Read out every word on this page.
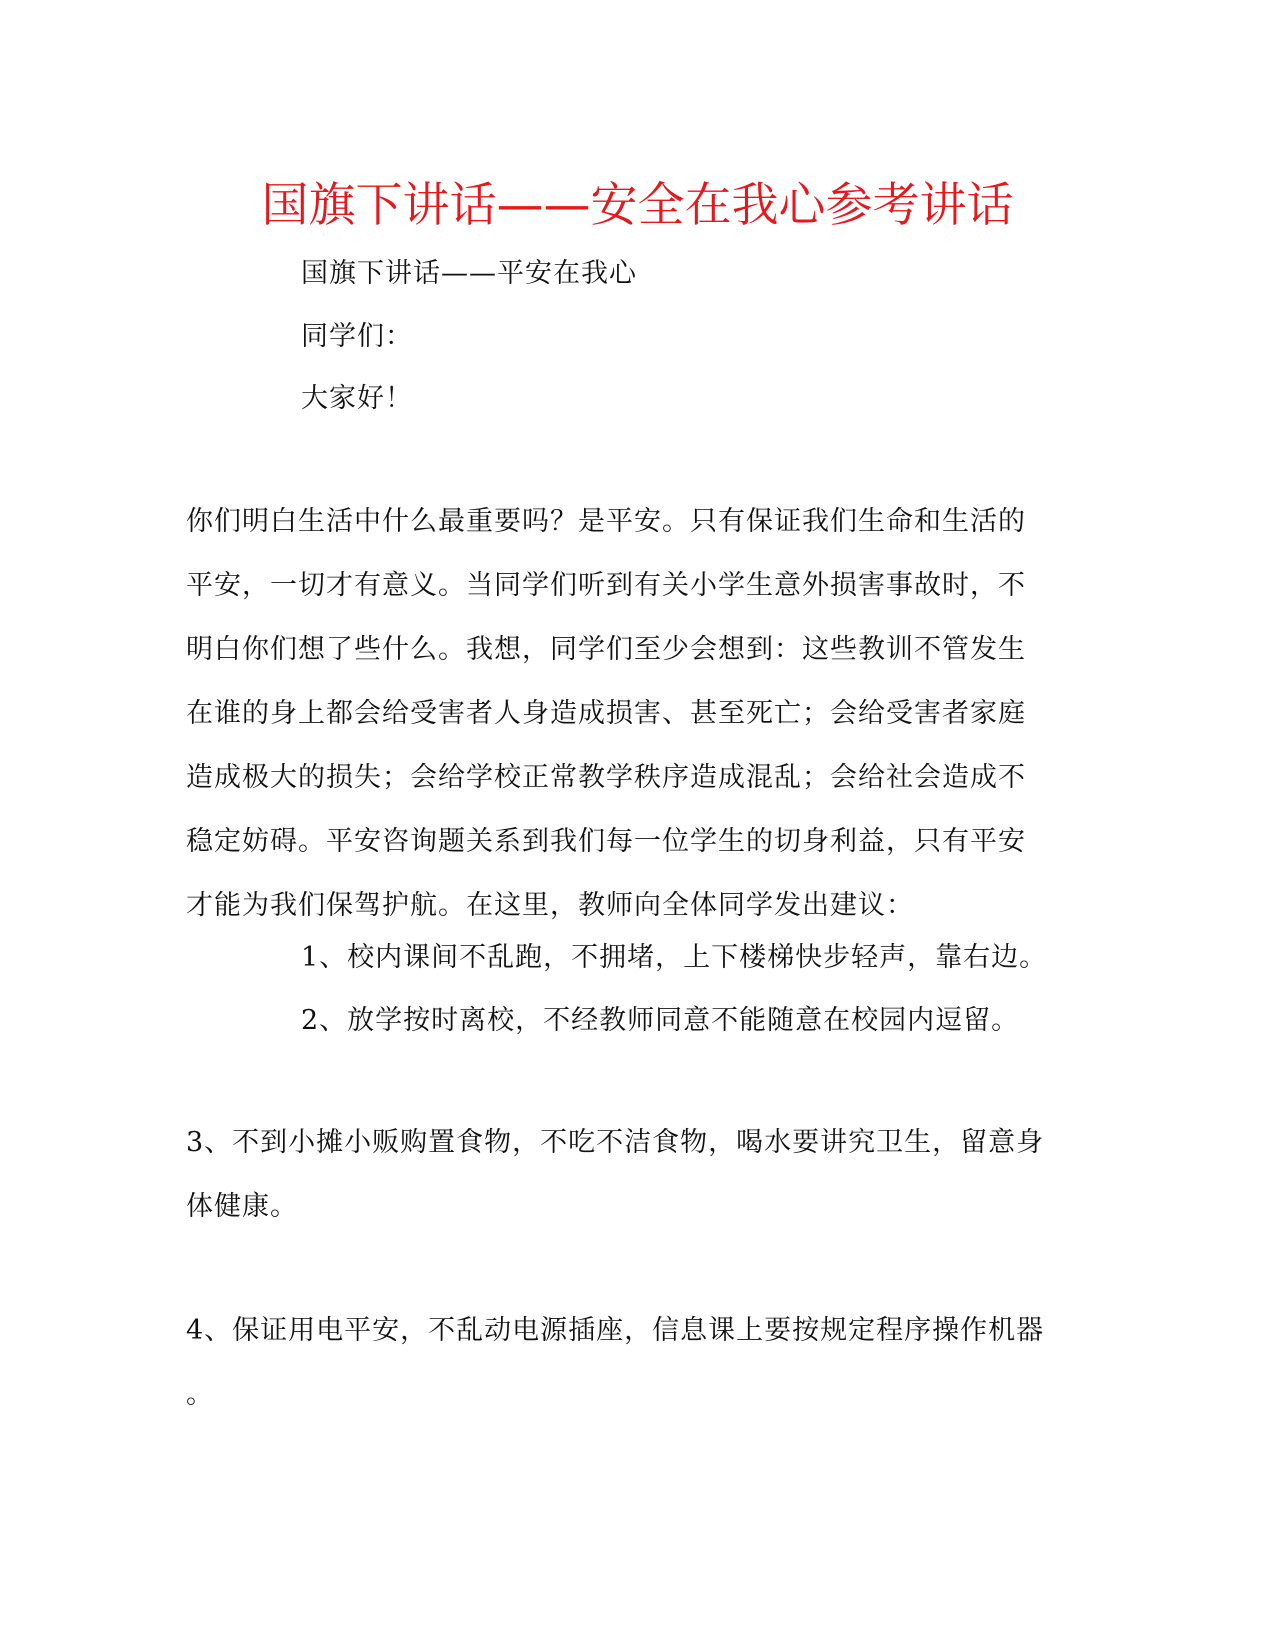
国旗下讲话——安全在我心参考讲话
国旗下讲话——平安在我心
同学们：
大家好！
你们明白生活中什么最重要吗？是平安。只有保证我们生命和生活的
平安，一切才有意义。当同学们听到有关小学生意外损害事故时，不
明白你们想了些什么。我想，同学们至少会想到：这些教训不管发生
在谁的身上都会给受害者人身造成损害、甚至死亡；会给受害者家庭
造成极大的损失；会给学校正常教学秩序造成混乱；会给社会造成不
稳定妨碍。平安咨询题关系到我们每一位学生的切身利益，只有平安
才能为我们保驾护航。在这里，教师向全体同学发出建议：
1、校内课间不乱跑，不拥堵，上下楼梯快步轻声，靠右边。
2、放学按时离校，不经教师同意不能随意在校园内逗留。
3、不到小摊小贩购置食物，不吃不洁食物，喝水要讲究卫生，留意身
体健康。
4、保证用电平安，不乱动电源插座，信息课上要按规定程序操作机器
。
